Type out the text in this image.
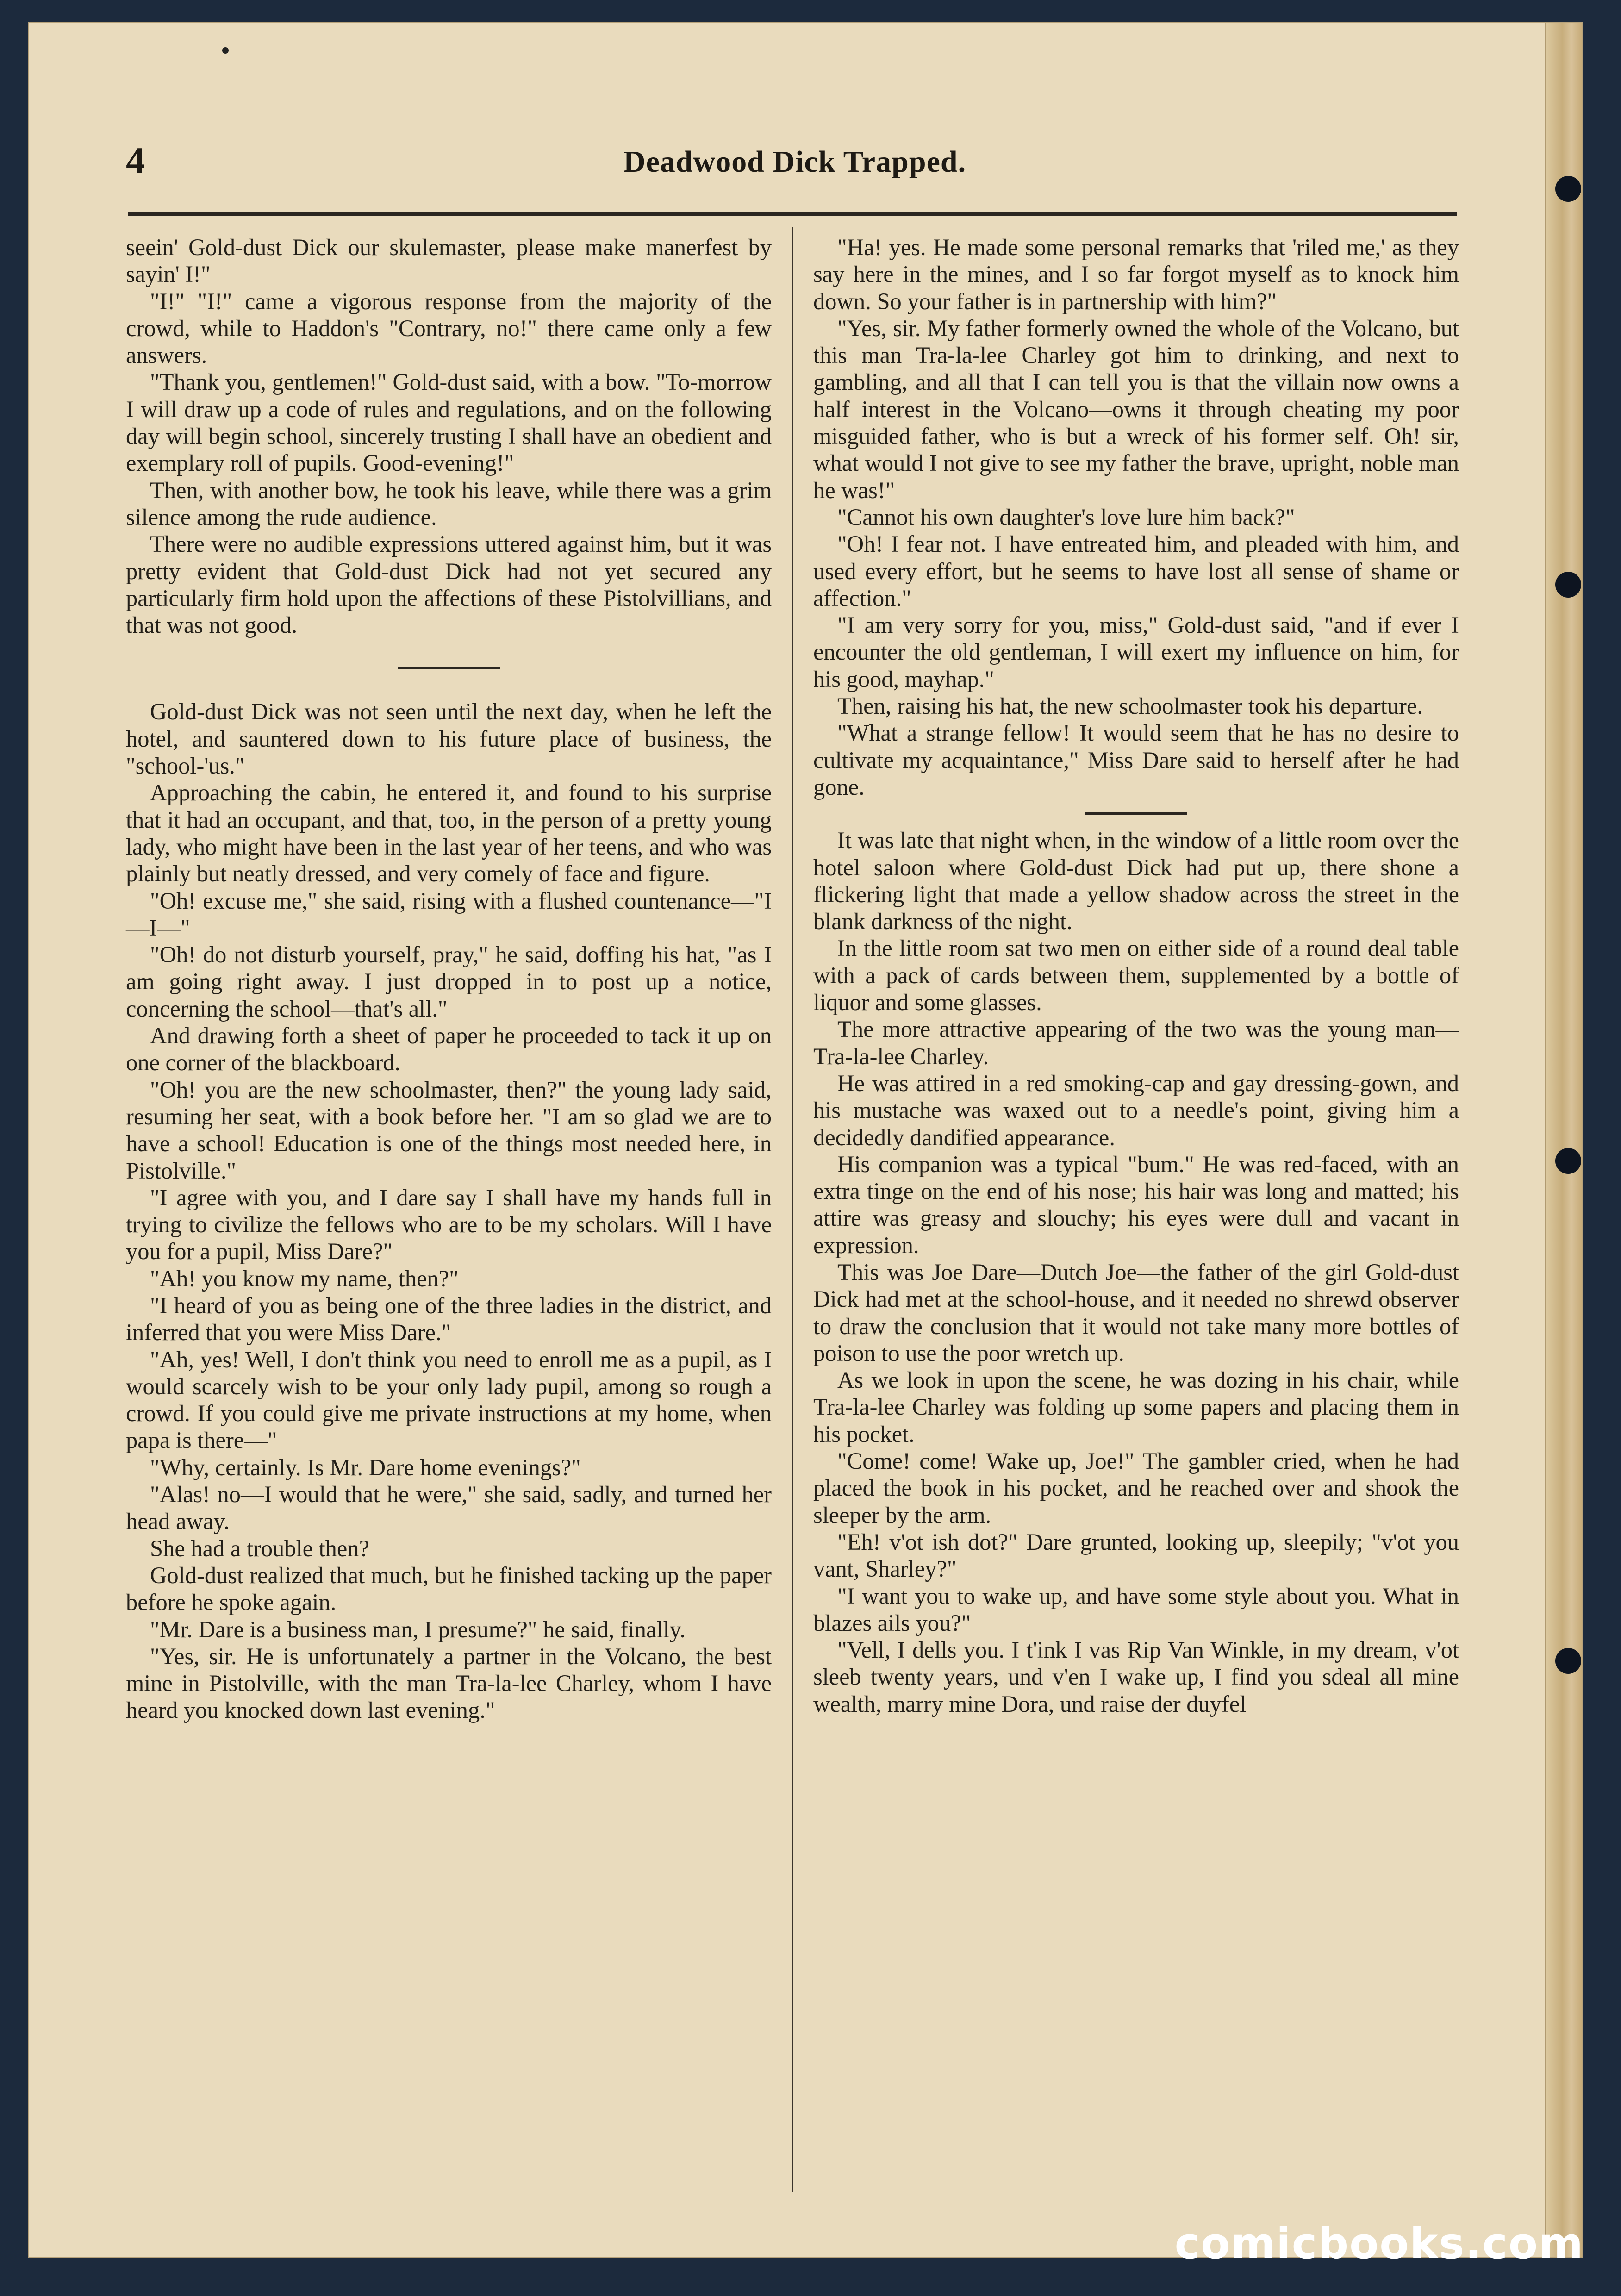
4	Deadwood Dick Trapped.

seein' Gold-dust Dick our skulemaster, please make manerfest by sayin' I!"

"I!" "I!" came a vigorous response from the majority of the crowd, while to Haddon's "Contrary, no!" there came only a few answers.

"Thank you, gentlemen!" Gold-dust said, with a bow. "To-morrow I will draw up a code of rules and regulations, and on the following day will begin school, sincerely trusting I shall have an obedient and exemplary roll of pupils. Good-evening!"

Then, with another bow, he took his leave, while there was a grim silence among the rude audience.

There were no audible expressions uttered against him, but it was pretty evident that Gold-dust Dick had not yet secured any particularly firm hold upon the affections of these Pistolvillians, and that was not good.

Gold-dust Dick was not seen until the next day, when he left the hotel, and sauntered down to his future place of business, the "school-'us."

Approaching the cabin, he entered it, and found to his surprise that it had an occupant, and that, too, in the person of a pretty young lady, who might have been in the last year of her teens, and who was plainly but neatly dressed, and very comely of face and figure.

"Oh! excuse me," she said, rising with a flushed countenance—"I—I—"

"Oh! do not disturb yourself, pray," he said, doffing his hat, "as I am going right away. I just dropped in to post up a notice, concerning the school—that's all."

And drawing forth a sheet of paper he proceeded to tack it up on one corner of the blackboard.

"Oh! you are the new schoolmaster, then?" the young lady said, resuming her seat, with a book before her. "I am so glad we are to have a school! Education is one of the things most needed here, in Pistolville."

"I agree with you, and I dare say I shall have my hands full in trying to civilize the fellows who are to be my scholars. Will I have you for a pupil, Miss Dare?"

"Ah! you know my name, then?"

"I heard of you as being one of the three ladies in the district, and inferred that you were Miss Dare."

"Ah, yes! Well, I don't think you need to enroll me as a pupil, as I would scarcely wish to be your only lady pupil, among so rough a crowd. If you could give me private instructions at my home, when papa is there—"

"Why, certainly. Is Mr. Dare home evenings?"

"Alas! no—I would that he were," she said, sadly, and turned her head away.

She had a trouble then?

Gold-dust realized that much, but he finished tacking up the paper before he spoke again.

"Mr. Dare is a business man, I presume?" he said, finally.

"Yes, sir. He is unfortunately a partner in the Volcano, the best mine in Pistolville, with the man Tra-la-lee Charley, whom I have heard you knocked down last evening."

"Ha! yes. He made some personal remarks that 'riled me,' as they say here in the mines, and I so far forgot myself as to knock him down. So your father is in partnership with him?"

"Yes, sir. My father formerly owned the whole of the Volcano, but this man Tra-la-lee Charley got him to drinking, and next to gambling, and all that I can tell you is that the villain now owns a half interest in the Volcano—owns it through cheating my poor misguided father, who is but a wreck of his former self. Oh! sir, what would I not give to see my father the brave, upright, noble man he was!"

"Cannot his own daughter's love lure him back?"

"Oh! I fear not. I have entreated him, and pleaded with him, and used every effort, but he seems to have lost all sense of shame or affection."

"I am very sorry for you, miss," Gold-dust said, "and if ever I encounter the old gentleman, I will exert my influence on him, for his good, mayhap."

Then, raising his hat, the new schoolmaster took his departure.

"What a strange fellow! It would seem that he has no desire to cultivate my acquaintance," Miss Dare said to herself after he had gone.

It was late that night when, in the window of a little room over the hotel saloon where Gold-dust Dick had put up, there shone a flickering light that made a yellow shadow across the street in the blank darkness of the night.

In the little room sat two men on either side of a round deal table with a pack of cards between them, supplemented by a bottle of liquor and some glasses.

The more attractive appearing of the two was the young man—Tra-la-lee Charley.

He was attired in a red smoking-cap and gay dressing-gown, and his mustache was waxed out to a needle's point, giving him a decidedly dandified appearance.

His companion was a typical "bum." He was red-faced, with an extra tinge on the end of his nose; his hair was long and matted; his attire was greasy and slouchy; his eyes were dull and vacant in expression.

This was Joe Dare—Dutch Joe—the father of the girl Gold-dust Dick had met at the school-house, and it needed no shrewd observer to draw the conclusion that it would not take many more bottles of poison to use the poor wretch up.

As we look in upon the scene, he was dozing in his chair, while Tra-la-lee Charley was folding up some papers and placing them in his pocket.

"Come! come! Wake up, Joe!" The gambler cried, when he had placed the book in his pocket, and he reached over and shook the sleeper by the arm.

"Eh! v'ot ish dot?" Dare grunted, looking up, sleepily; "v'ot you vant, Sharley?"

"I want you to wake up, and have some style about you. What in blazes ails you?"

"Vell, I dells you. I t'ink I vas Rip Van Winkle, in my dream, v'ot sleeb twenty years, und v'en I wake up, I find you sdeal all mine wealth, marry mine Dora, und raise der duyfel

comicbooks.com
